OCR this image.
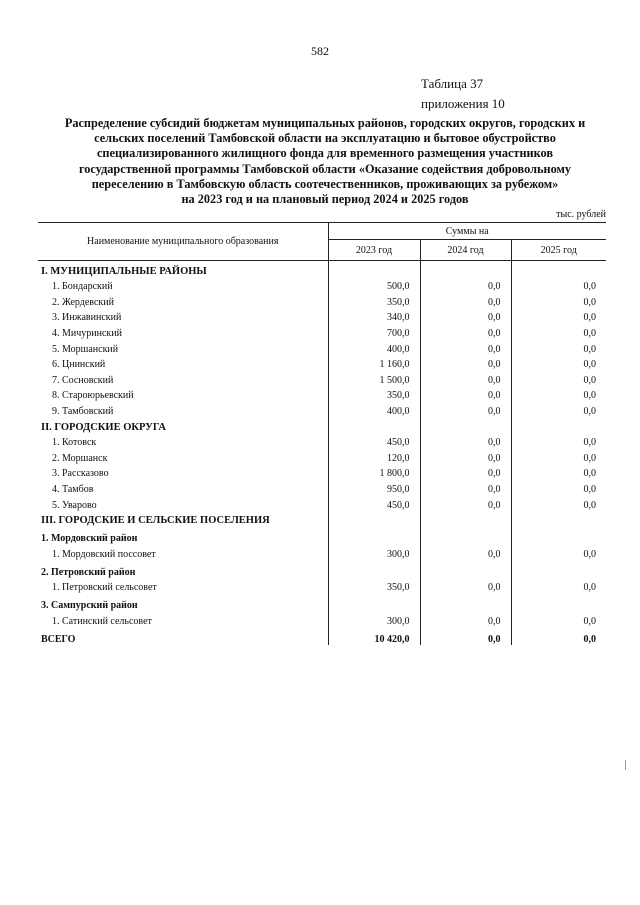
582
Таблица 37
приложения 10
Распределение субсидий бюджетам муниципальных районов, городских округов, городских и
сельских поселений Тамбовской области на эксплуатацию и бытовое обустройство
специализированного жилищного фонда для временного размещения участников
государственной программы Тамбовской области «Оказание содействия добровольному
переселению в Тамбовскую область соотечественников, проживающих за рубежом»
на 2023 год и на плановый период 2024 и 2025 годов
тыс. рублей
Наименование муниципального образования	Суммы на		
	2023 год	2024 год	2025 год
I. МУНИЦИПАЛЬНЫЕ РАЙОНЫ			
1. Бондарский	500,0	0,0	0,0
2. Жердевский	350,0	0,0	0,0
3. Инжавинский	340,0	0,0	0,0
4. Мичуринский	700,0	0,0	0,0
5. Моршанский	400,0	0,0	0,0
6. Цнинский	1 160,0	0,0	0,0
7. Сосновский	1 500,0	0,0	0,0
8. Староюрьевский	350,0	0,0	0,0
9. Тамбовский	400,0	0,0	0,0
II. ГОРОДСКИЕ ОКРУГА			
1. Котовск	450,0	0,0	0,0
2. Моршанск	120,0	0,0	0,0
3. Рассказово	1 800,0	0,0	0,0
4. Тамбов	950,0	0,0	0,0
5. Уварово	450,0	0,0	0,0
III. ГОРОДСКИЕ И СЕЛЬСКИЕ ПОСЕЛЕНИЯ			
1. Мордовский район			
1. Мордовский поссовет	300,0	0,0	0,0
2. Петровский район			
1. Петровский сельсовет	350,0	0,0	0,0
3. Сампурский район			
1. Сатинский сельсовет	300,0	0,0	0,0
ВСЕГО	10 420,0	0,0	0,0
